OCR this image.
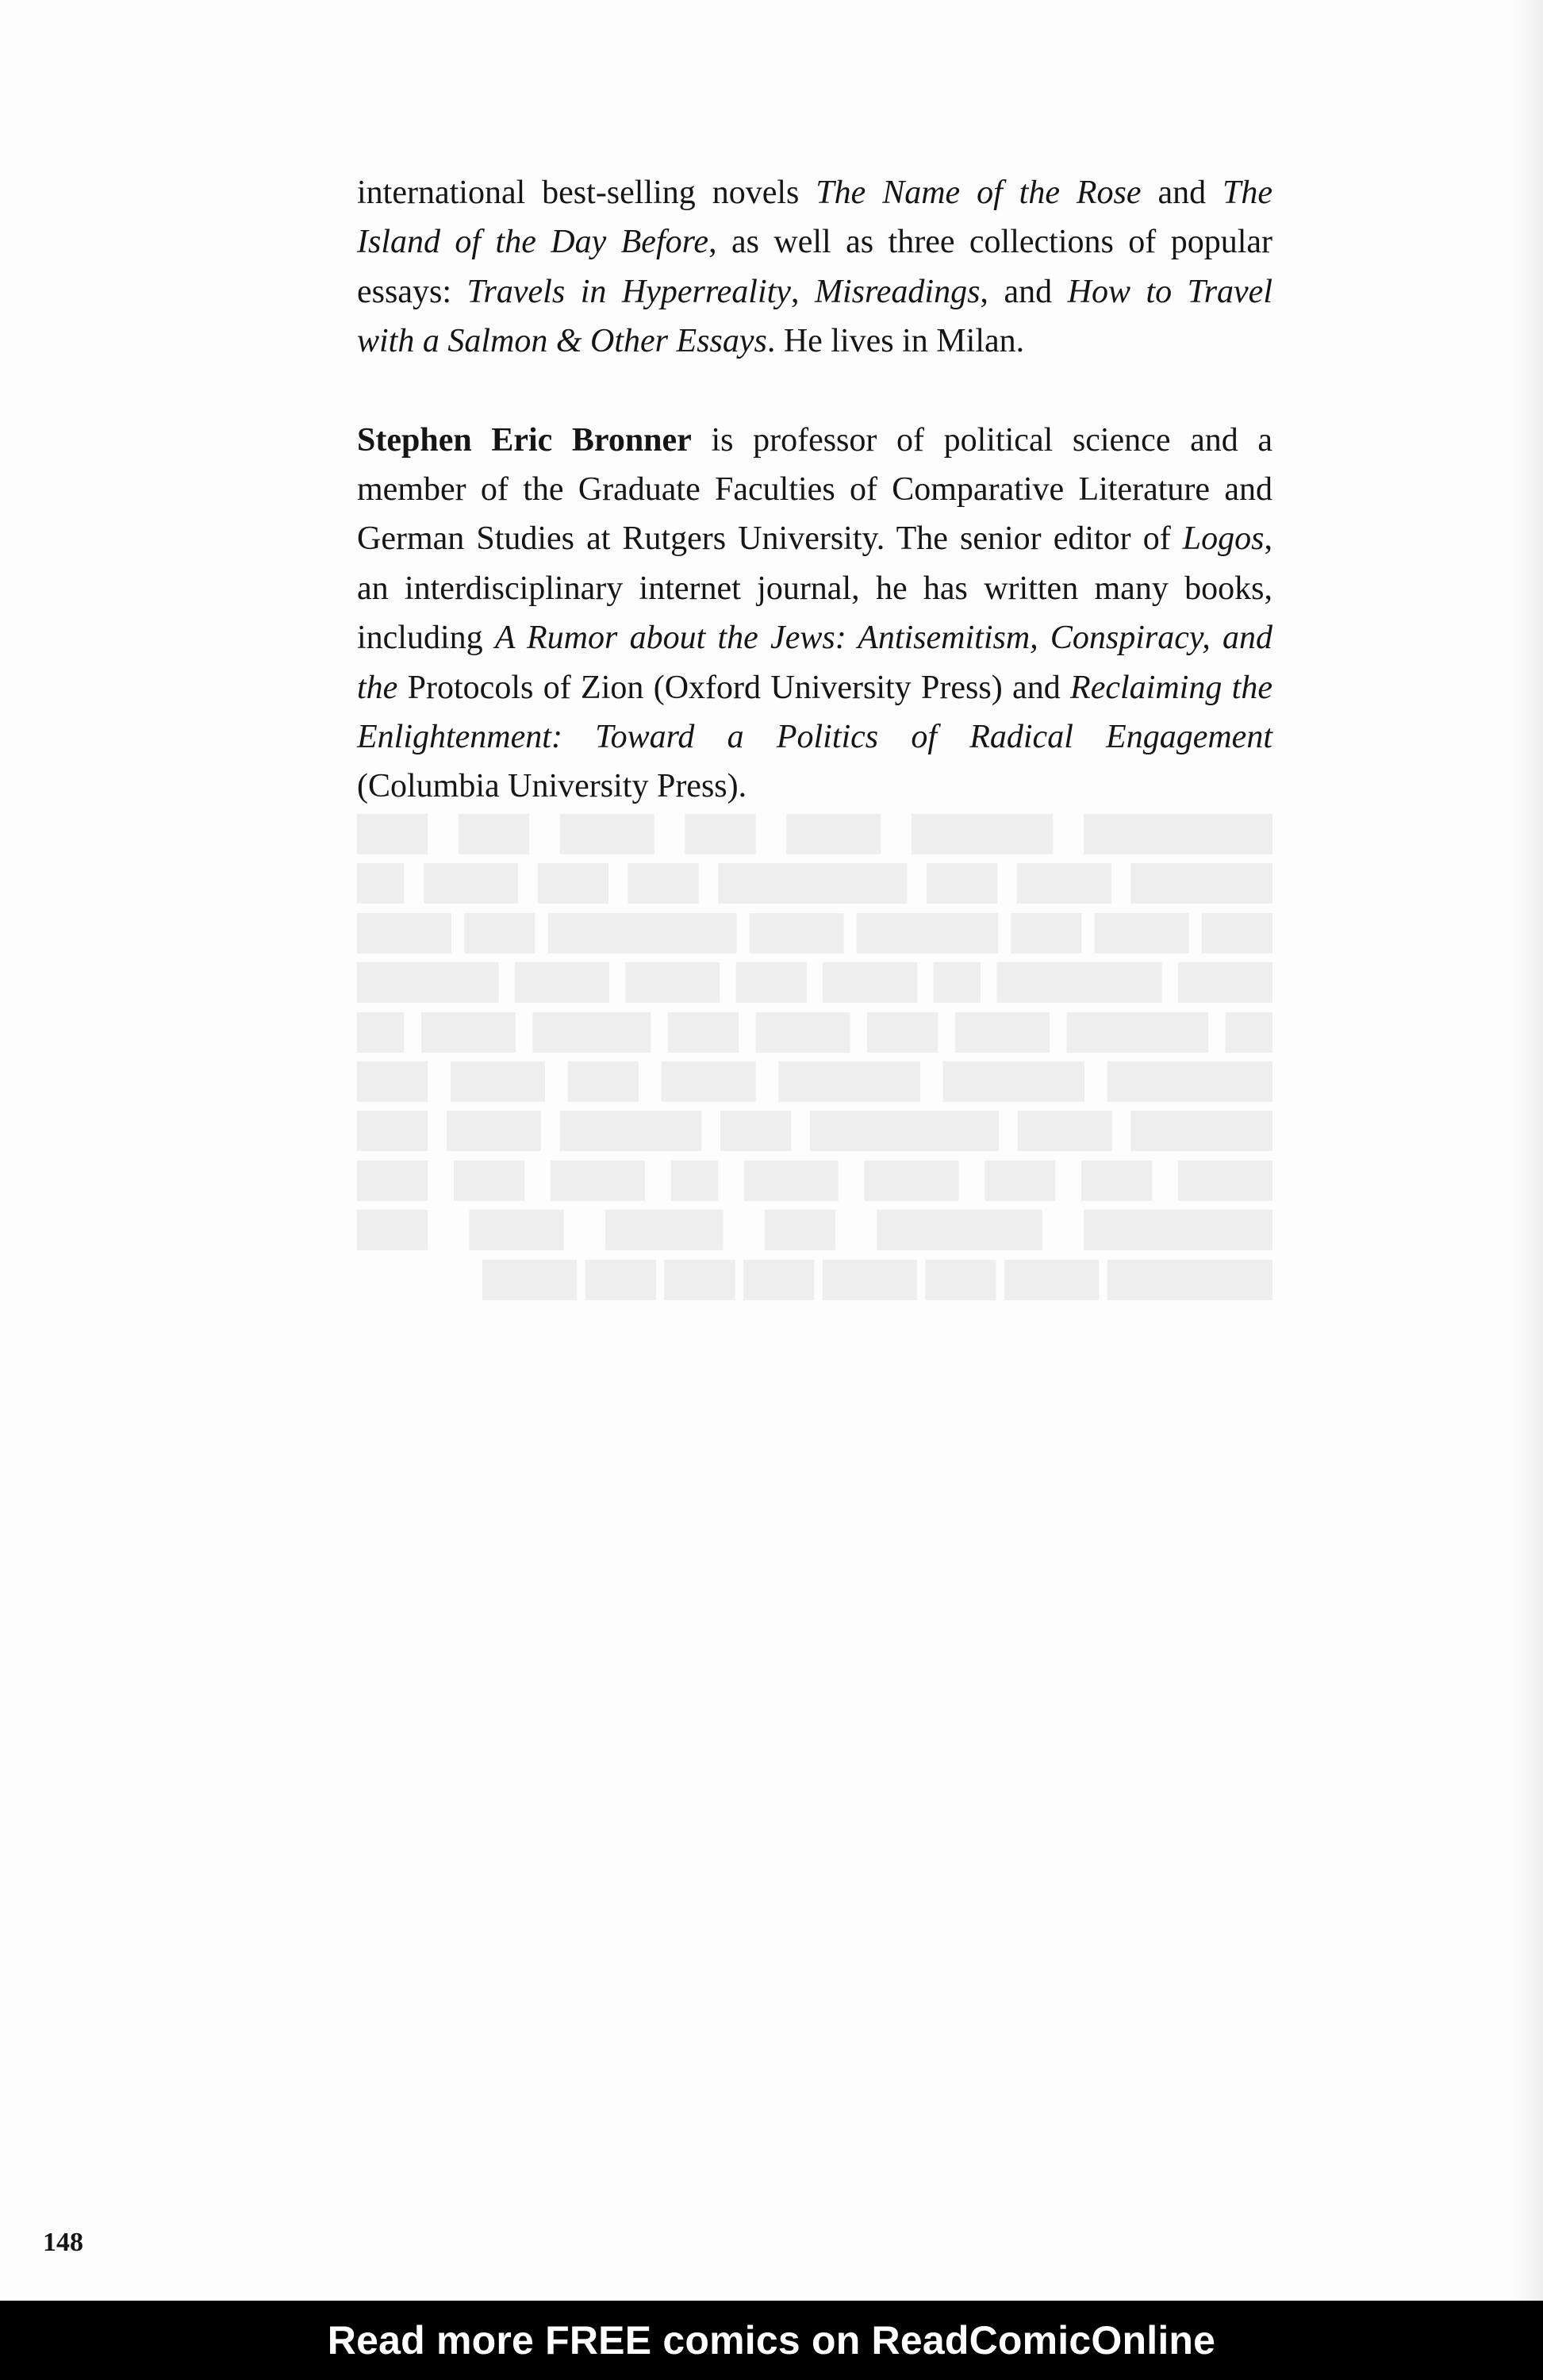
████████ ██████ ████ ███ ████ ███ ███ ██████ ████ ███ ████████ ███ ███ ████ ██ ███ ████ ███ ██████ ████ ████████ ███ ████ ████ ███████ ██ ████ ███ ████ ████ ██████ ██ ██████ ████ ███ ████ ███ █████ ████ ██ ███████ ██████ ██████ ████ ███ ████ ███ ██████ ████ ████████ ███ ██████ ████ ███ ████ ███ ███ ████ ████ ██ ████ ███ ███ ████████ ███████ ███ █████ ████ ███ ███████ ████ ███ ████ ███ ███ ███ ████

international best-selling novels The Name of the Rose and The Island of the Day Before, as well as three collections of popular essays: Travels in Hyperreality, Misreadings, and How to Travel with a Salmon & Other Essays. He lives in Milan.

Stephen Eric Bronner is professor of political science and a member of the Graduate Faculties of Comparative Literature and German Studies at Rutgers University. The senior editor of Logos, an interdisciplinary internet journal, he has written many books, including A Rumor about the Jews: Antisemitism, Conspiracy, and the Protocols of Zion (Oxford University Press) and Reclaiming the Enlightenment: Toward a Politics of Radical Engagement (Columbia University Press).

148
Read more FREE comics on ReadComicOnline
